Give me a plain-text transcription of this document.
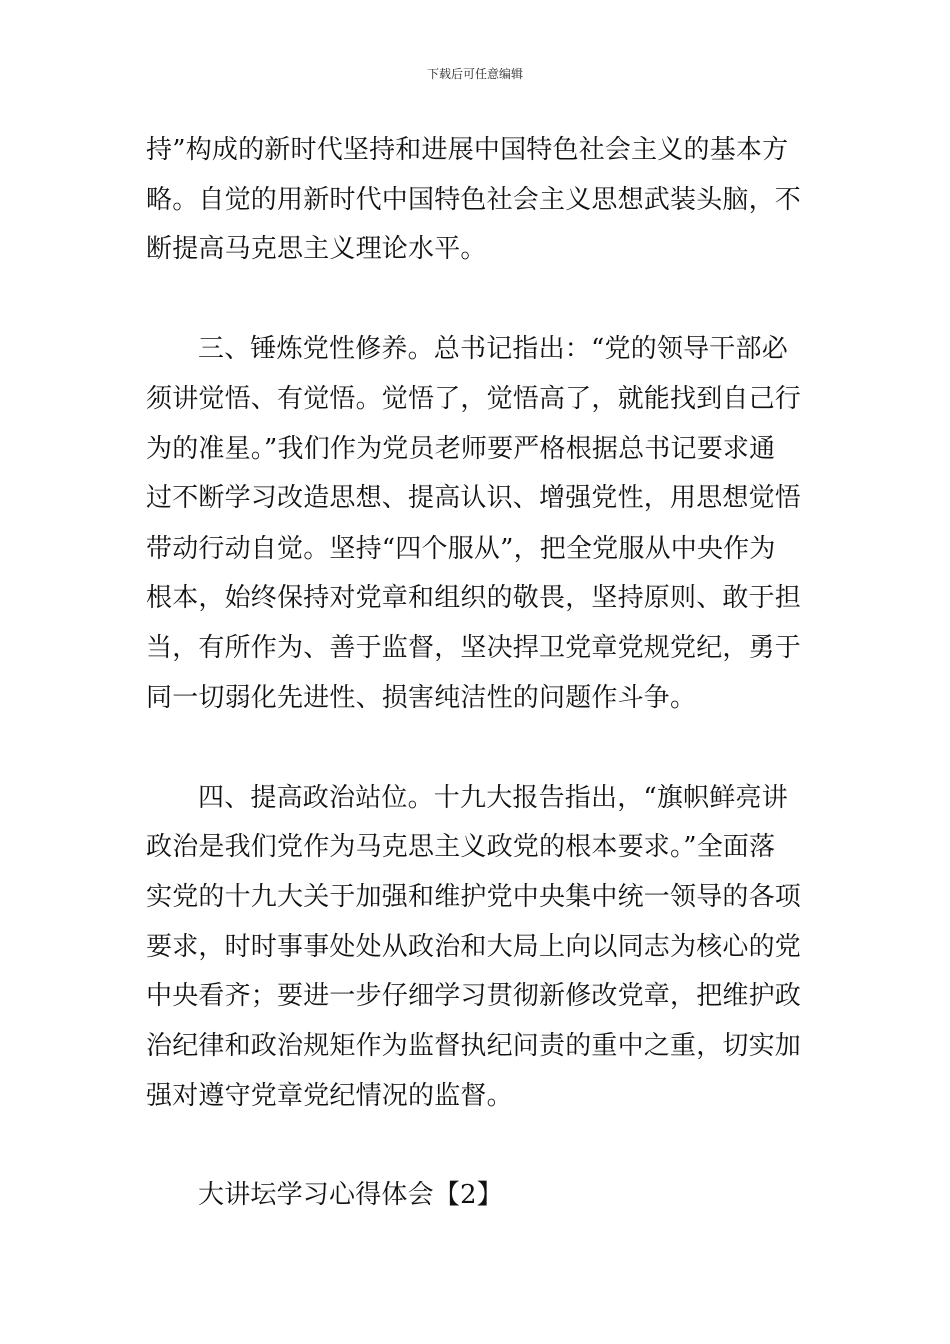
下载后可任意编辑
持”构成的新时代坚持和进展中国特色社会主义的基本方
略。自觉的用新时代中国特色社会主义思想武装头脑，不
断提高马克思主义理论水平。
三、锤炼党性修养。总书记指出：“党的领导干部必
须讲觉悟、有觉悟。觉悟了，觉悟高了，就能找到自己行
为的准星。”我们作为党员老师要严格根据总书记要求通
过不断学习改造思想、提高认识、增强党性，用思想觉悟
带动行动自觉。坚持“四个服从”，把全党服从中央作为
根本，始终保持对党章和组织的敬畏，坚持原则、敢于担
当，有所作为、善于监督，坚决捍卫党章党规党纪，勇于
同一切弱化先进性、损害纯洁性的问题作斗争。
四、提高政治站位。十九大报告指出，“旗帜鲜亮讲
政治是我们党作为马克思主义政党的根本要求。”全面落
实党的十九大关于加强和维护党中央集中统一领导的各项
要求，时时事事处处从政治和大局上向以同志为核心的党
中央看齐；要进一步仔细学习贯彻新修改党章，把维护政
治纪律和政治规矩作为监督执纪问责的重中之重，切实加
强对遵守党章党纪情况的监督。
大讲坛学习心得体会【2】
